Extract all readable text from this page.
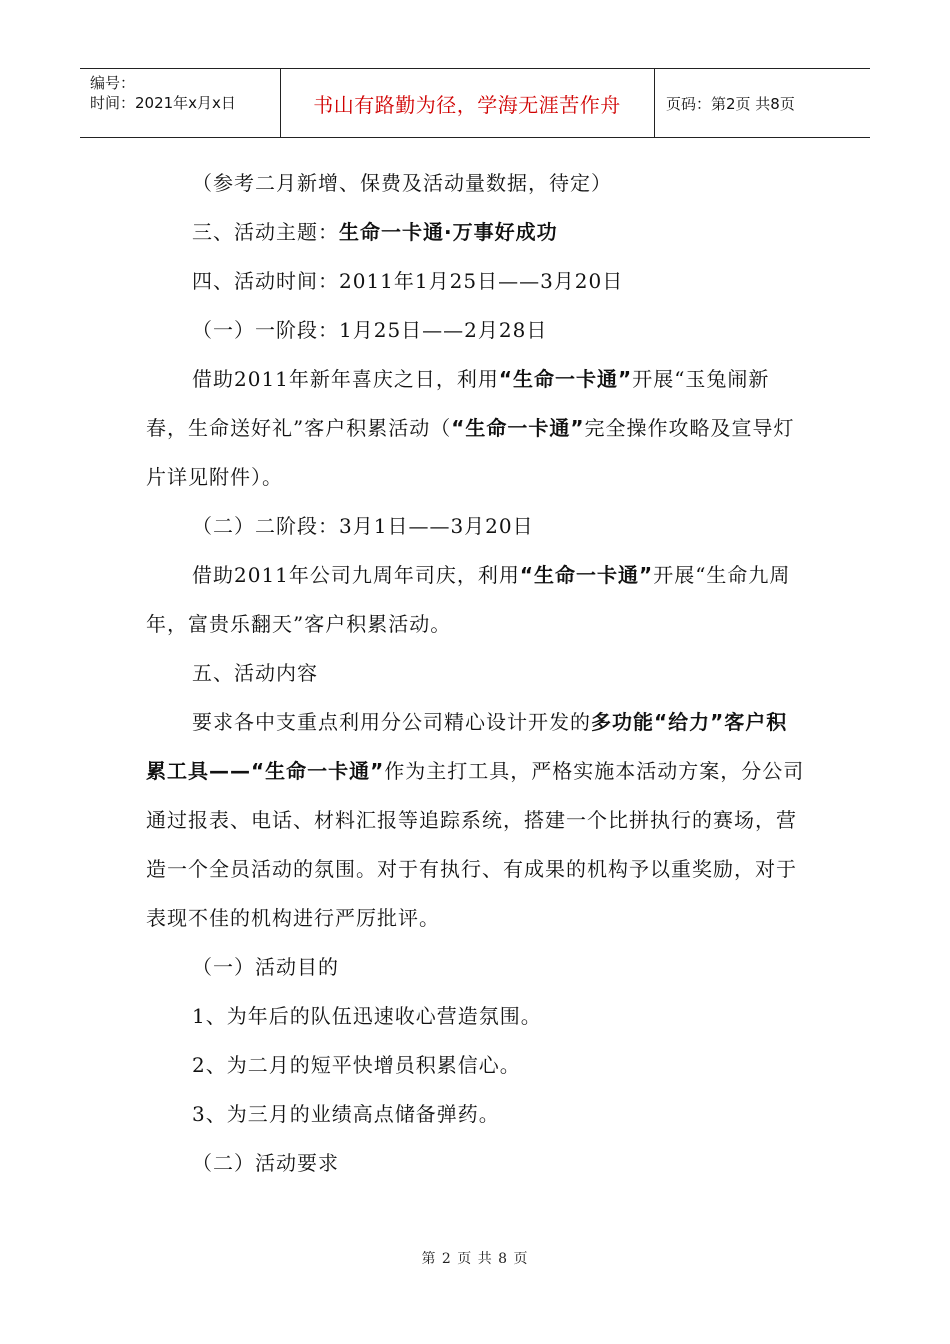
编号：
时间：2021年x月x日	书山有路勤为径，学海无涯苦作舟	页码：第2页 共8页

（参考二月新增、保费及活动量数据，待定）

三、活动主题：生命一卡通·万事好成功

四、活动时间：2011年1月25日——3月20日

（一）一阶段：1月25日——2月28日

借助2011年新年喜庆之日，利用“生命一卡通”开展“玉兔闹新春，生命送好礼”客户积累活动（“生命一卡通”完全操作攻略及宣导灯片详见附件）。

（二）二阶段：3月1日——3月20日

借助2011年公司九周年司庆，利用“生命一卡通”开展“生命九周年，富贵乐翻天”客户积累活动。

五、活动内容

要求各中支重点利用分公司精心设计开发的多功能“给力”客户积累工具——“生命一卡通”作为主打工具，严格实施本活动方案，分公司通过报表、电话、材料汇报等追踪系统，搭建一个比拼执行的赛场，营造一个全员活动的氛围。对于有执行、有成果的机构予以重奖励，对于表现不佳的机构进行严厉批评。

（一）活动目的

1、为年后的队伍迅速收心营造氛围。

2、为二月的短平快增员积累信心。

3、为三月的业绩高点储备弹药。

（二）活动要求

第 2 页 共 8 页
